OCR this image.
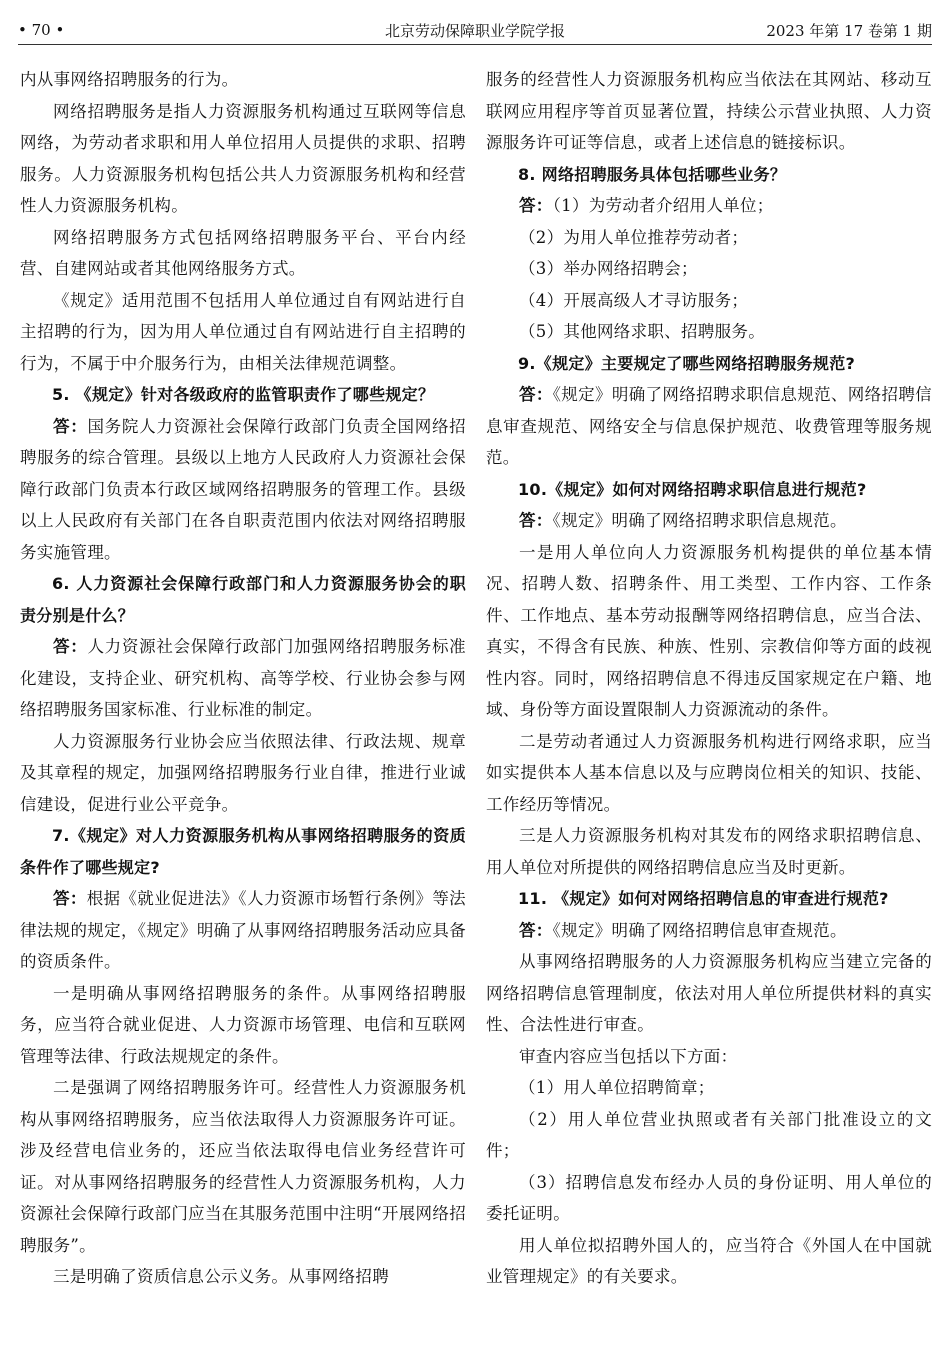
• 70 •	北京劳动保障职业学院学报	2023 年第 17 卷第 1 期

内从事网络招聘服务的行为。

网络招聘服务是指人力资源服务机构通过互联网等信息网络，为劳动者求职和用人单位招用人员提供的求职、招聘服务。人力资源服务机构包括公共人力资源服务机构和经营性人力资源服务机构。

网络招聘服务方式包括网络招聘服务平台、平台内经营、自建网站或者其他网络服务方式。

《规定》适用范围不包括用人单位通过自有网站进行自主招聘的行为，因为用人单位通过自有网站进行自主招聘的行为，不属于中介服务行为，由相关法律规范调整。

5. 《规定》针对各级政府的监管职责作了哪些规定？

答：国务院人力资源社会保障行政部门负责全国网络招聘服务的综合管理。县级以上地方人民政府人力资源社会保障行政部门负责本行政区域网络招聘服务的管理工作。县级以上人民政府有关部门在各自职责范围内依法对网络招聘服务实施管理。

6. 人力资源社会保障行政部门和人力资源服务协会的职责分别是什么？

答：人力资源社会保障行政部门加强网络招聘服务标准化建设，支持企业、研究机构、高等学校、行业协会参与网络招聘服务国家标准、行业标准的制定。

人力资源服务行业协会应当依照法律、行政法规、规章及其章程的规定，加强网络招聘服务行业自律，推进行业诚信建设，促进行业公平竞争。

7.《规定》对人力资源服务机构从事网络招聘服务的资质条件作了哪些规定?

答：根据《就业促进法》《人力资源市场暂行条例》等法律法规的规定，《规定》明确了从事网络招聘服务活动应具备的资质条件。

一是明确从事网络招聘服务的条件。从事网络招聘服务，应当符合就业促进、人力资源市场管理、电信和互联网管理等法律、行政法规规定的条件。

二是强调了网络招聘服务许可。经营性人力资源服务机构从事网络招聘服务，应当依法取得人力资源服务许可证。涉及经营电信业务的，还应当依法取得电信业务经营许可证。对从事网络招聘服务的经营性人力资源服务机构，人力资源社会保障行政部门应当在其服务范围中注明“开展网络招聘服务”。

三是明确了资质信息公示义务。从事网络招聘

服务的经营性人力资源服务机构应当依法在其网站、移动互联网应用程序等首页显著位置，持续公示营业执照、人力资源服务许可证等信息，或者上述信息的链接标识。

8. 网络招聘服务具体包括哪些业务？

答：（1）为劳动者介绍用人单位；

（2）为用人单位推荐劳动者；

（3）举办网络招聘会；

（4）开展高级人才寻访服务；

（5）其他网络求职、招聘服务。

9.《规定》主要规定了哪些网络招聘服务规范?

答：《规定》明确了网络招聘求职信息规范、网络招聘信息审查规范、网络安全与信息保护规范、收费管理等服务规范。

10.《规定》如何对网络招聘求职信息进行规范?

答：《规定》明确了网络招聘求职信息规范。

一是用人单位向人力资源服务机构提供的单位基本情况、招聘人数、招聘条件、用工类型、工作内容、工作条件、工作地点、基本劳动报酬等网络招聘信息，应当合法、真实，不得含有民族、种族、性别、宗教信仰等方面的歧视性内容。同时，网络招聘信息不得违反国家规定在户籍、地域、身份等方面设置限制人力资源流动的条件。

二是劳动者通过人力资源服务机构进行网络求职，应当如实提供本人基本信息以及与应聘岗位相关的知识、技能、工作经历等情况。

三是人力资源服务机构对其发布的网络求职招聘信息、用人单位对所提供的网络招聘信息应当及时更新。

11. 《规定》如何对网络招聘信息的审查进行规范?

答：《规定》明确了网络招聘信息审查规范。

从事网络招聘服务的人力资源服务机构应当建立完备的网络招聘信息管理制度，依法对用人单位所提供材料的真实性、合法性进行审查。

审查内容应当包括以下方面：

（1）用人单位招聘简章；

（2）用人单位营业执照或者有关部门批准设立的文件；

（3）招聘信息发布经办人员的身份证明、用人单位的委托证明。

用人单位拟招聘外国人的，应当符合《外国人在中国就业管理规定》的有关要求。
